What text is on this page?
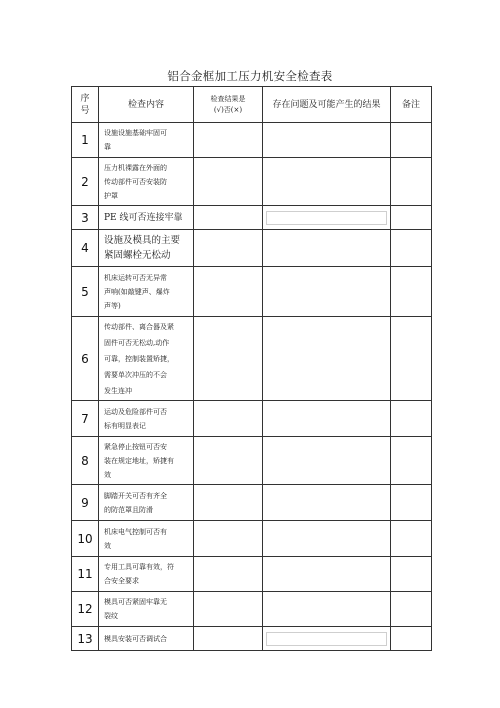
铝合金框加工压力机安全检查表
序
号	检查内容	检查结果是
(√)否(×)	存在问题及可能产生的结果	备注
1	设施设施基础牢固可
靠			

2	压力机裸露在外面的
传动部件可否安装防
护罩			

3	PE 线可否连接牢靠			

4	设施及模具的主要
紧固螺栓无松动			

5	机床运转可否无异常
声响(如敲键声、爆炸
声等)			

6	传动部件、离合器及紧
固件可否无松动,动作
可靠，控制装置矫捷，
需要单次冲压的不会
发生连冲			

7	运动及危险部件可否
标有明显表记			

8	紧急停止按钮可否安
装在规定地址，矫捷有
效			

9	脚踏开关可否有齐全
的防范罩且防滑			

10	机床电气控制可否有
效			

11	专用工具可靠有效，符
合安全要求			

12	模具可否紧固牢靠无
裂纹			

13	模具安装可否调试合			
